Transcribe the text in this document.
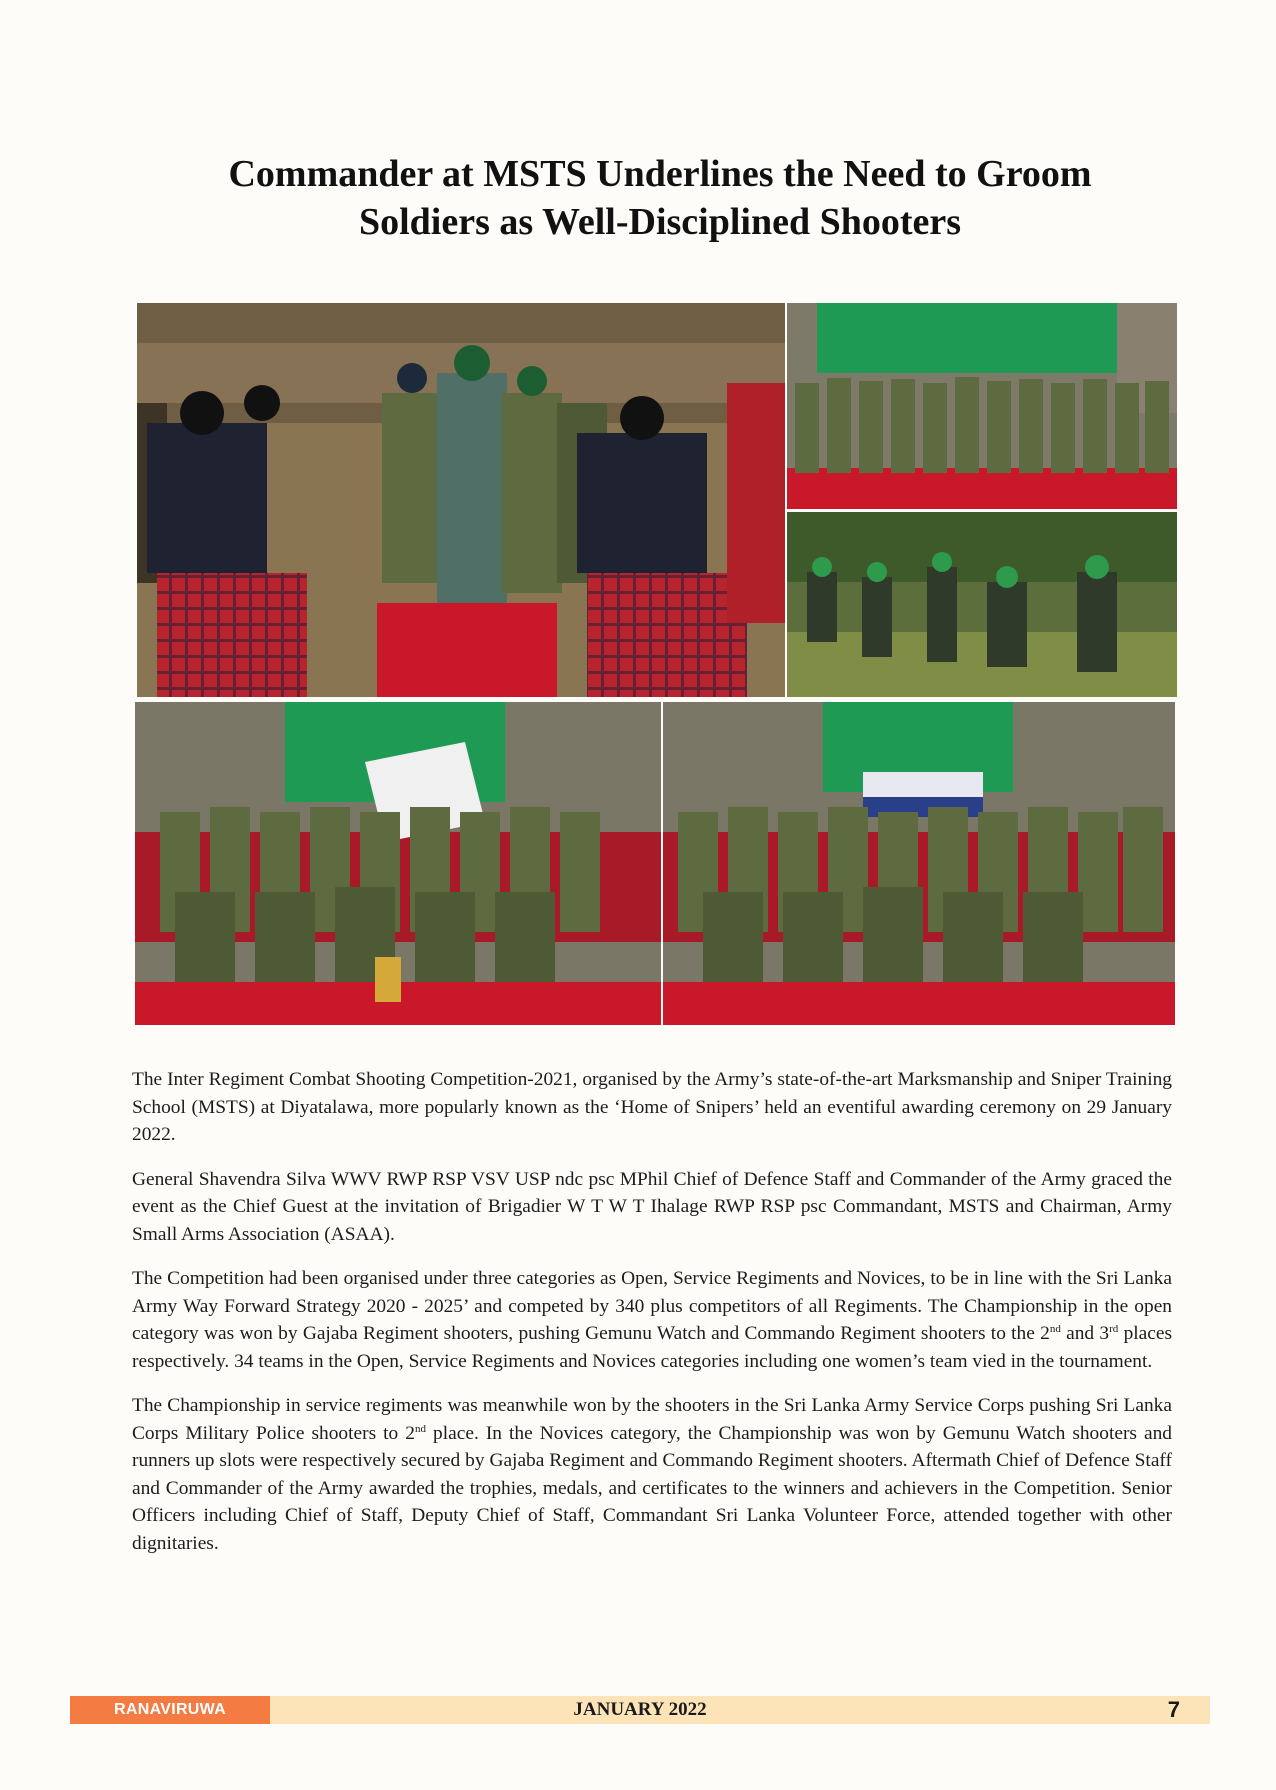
Commander at MSTS Underlines the Need to Groom
Soldiers as Well-Disciplined Shooters

The Inter Regiment Combat Shooting Competition-2021, organised by the Army’s state-of-the-art Marksmanship and Sniper Training School (MSTS) at Diyatalawa, more popularly known as the ‘Home of Snipers’ held an eventiful awarding ceremony on 29 January 2022.

General Shavendra Silva WWV RWP RSP VSV USP ndc psc MPhil Chief of Defence Staff and Commander of the Army graced the event as the Chief Guest at the invitation of Brigadier W T W T Ihalage RWP RSP psc Commandant, MSTS and Chairman, Army Small Arms Association (ASAA).

The Competition had been organised under three categories as Open, Service Regiments and Novices, to be in line with the Sri Lanka Army Way Forward Strategy 2020 - 2025’ and competed by 340 plus competitors of all Regiments. The Championship in the open category was won by Gajaba Regiment shooters, pushing Gemunu Watch and Commando Regiment shooters to the 2nd and 3rd places respectively. 34 teams in the Open, Service Regiments and Novices categories including one women’s team vied in the tournament.

The Championship in service regiments was meanwhile won by the shooters in the Sri Lanka Army Service Corps pushing Sri Lanka Corps Military Police shooters to 2nd place. In the Novices category, the Championship was won by Gemunu Watch shooters and runners up slots were respectively secured by Gajaba Regiment and Commando Regiment shooters. Aftermath Chief of Defence Staff and Commander of the Army awarded the trophies, medals, and certificates to the winners and achievers in the Competition. Senior Officers including Chief of Staff, Deputy Chief of Staff, Commandant Sri Lanka Volunteer Force, attended together with other dignitaries.

RANAVIRUWA	JANUARY 2022	7
